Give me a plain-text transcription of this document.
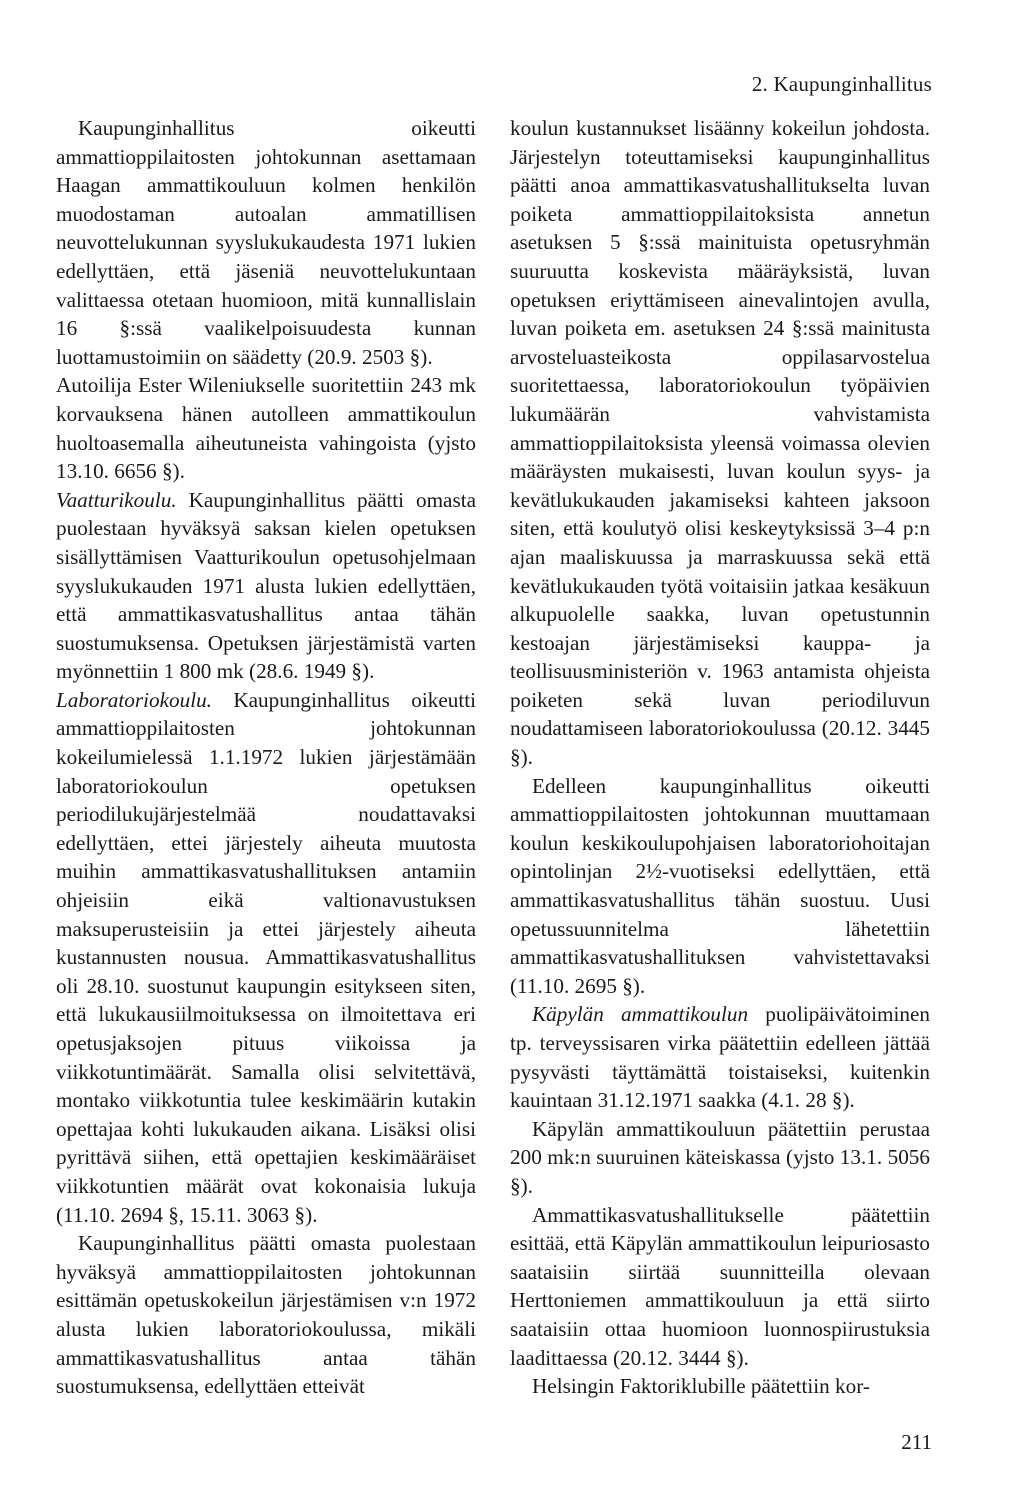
2. Kaupunginhallitus

Kaupunginhallitus oikeutti ammattioppilaitosten johtokunnan asettamaan Haagan ammattikouluun kolmen henkilön muodostaman autoalan ammatillisen neuvottelukunnan syyslukukaudesta 1971 lukien edellyttäen, että jäseniä neuvottelukuntaan valittaessa otetaan huomioon, mitä kunnallislain 16 §:ssä vaalikelpoisuudesta kunnan luottamustoimiin on säädetty (20.9. 2503 §).

Autoilija Ester Wileniukselle suoritettiin 243 mk korvauksena hänen autolleen ammattikoulun huoltoasemalla aiheutuneista vahingoista (yjsto 13.10. 6656 §).

Vaatturikoulu. Kaupunginhallitus päätti omasta puolestaan hyväksyä saksan kielen opetuksen sisällyttämisen Vaatturikoulun opetusohjelmaan syyslukukauden 1971 alusta lukien edellyttäen, että ammattikasvatushallitus antaa tähän suostumuksensa. Opetuksen järjestämistä varten myönnettiin 1 800 mk (28.6. 1949 §).

Laboratoriokoulu. Kaupunginhallitus oikeutti ammattioppilaitosten johtokunnan kokeilumielessä 1.1.1972 lukien järjestämään laboratoriokoulun opetuksen periodilukujärjestelmää noudattavaksi edellyttäen, ettei järjestely aiheuta muutosta muihin ammattikasvatushallituksen antamiin ohjeisiin eikä valtionavustuksen maksuperusteisiin ja ettei järjestely aiheuta kustannusten nousua. Ammattikasvatushallitus oli 28.10. suostunut kaupungin esitykseen siten, että lukukausiilmoituksessa on ilmoitettava eri opetusjaksojen pituus viikoissa ja viikkotuntimäärät. Samalla olisi selvitettävä, montako viikkotuntia tulee keskimäärin kutakin opettajaa kohti lukukauden aikana. Lisäksi olisi pyrittävä siihen, että opettajien keskimääräiset viikkotuntien määrät ovat kokonaisia lukuja (11.10. 2694 §, 15.11. 3063 §).

Kaupunginhallitus päätti omasta puolestaan hyväksyä ammattioppilaitosten johtokunnan esittämän opetuskokeilun järjestämisen v:n 1972 alusta lukien laboratoriokoulussa, mikäli ammattikasvatushallitus antaa tähän suostumuksensa, edellyttäen etteivät

koulun kustannukset lisäänny kokeilun johdosta. Järjestelyn toteuttamiseksi kaupunginhallitus päätti anoa ammattikasvatushallitukselta luvan poiketa ammattioppilaitoksista annetun asetuksen 5 §:ssä mainituista opetusryhmän suuruutta koskevista määräyksistä, luvan opetuksen eriyttämiseen ainevalintojen avulla, luvan poiketa em. asetuksen 24 §:ssä mainitusta arvosteluasteikosta oppilasarvostelua suoritettaessa, laboratoriokoulun työpäivien lukumäärän vahvistamista ammattioppilaitoksista yleensä voimassa olevien määräysten mukaisesti, luvan koulun syys- ja kevätlukukauden jakamiseksi kahteen jaksoon siten, että koulutyö olisi keskeytyksissä 3–4 p:n ajan maaliskuussa ja marraskuussa sekä että kevätlukukauden työtä voitaisiin jatkaa kesäkuun alkupuolelle saakka, luvan opetustunnin kestoajan järjestämiseksi kauppa- ja teollisuusministeriön v. 1963 antamista ohjeista poiketen sekä luvan periodiluvun noudattamiseen laboratoriokoulussa (20.12. 3445 §).

Edelleen kaupunginhallitus oikeutti ammattioppilaitosten johtokunnan muuttamaan koulun keskikoulupohjaisen laboratoriohoitajan opintolinjan 2½-vuotiseksi edellyttäen, että ammattikasvatushallitus tähän suostuu. Uusi opetussuunnitelma lähetettiin ammattikasvatushallituksen vahvistettavaksi (11.10. 2695 §).

Käpylän ammattikoulun puolipäivätoiminen tp. terveyssisaren virka päätettiin edelleen jättää pysyvästi täyttämättä toistaiseksi, kuitenkin kauintaan 31.12.1971 saakka (4.1. 28 §).

Käpylän ammattikouluun päätettiin perustaa 200 mk:n suuruinen käteiskassa (yjsto 13.1. 5056 §).

Ammattikasvatushallitukselle päätettiin esittää, että Käpylän ammattikoulun leipuriosasto saataisiin siirtää suunnitteilla olevaan Herttoniemen ammattikouluun ja että siirto saataisiin ottaa huomioon luonnospiirustuksia laadittaessa (20.12. 3444 §).

Helsingin Faktoriklubille päätettiin kor-

211
